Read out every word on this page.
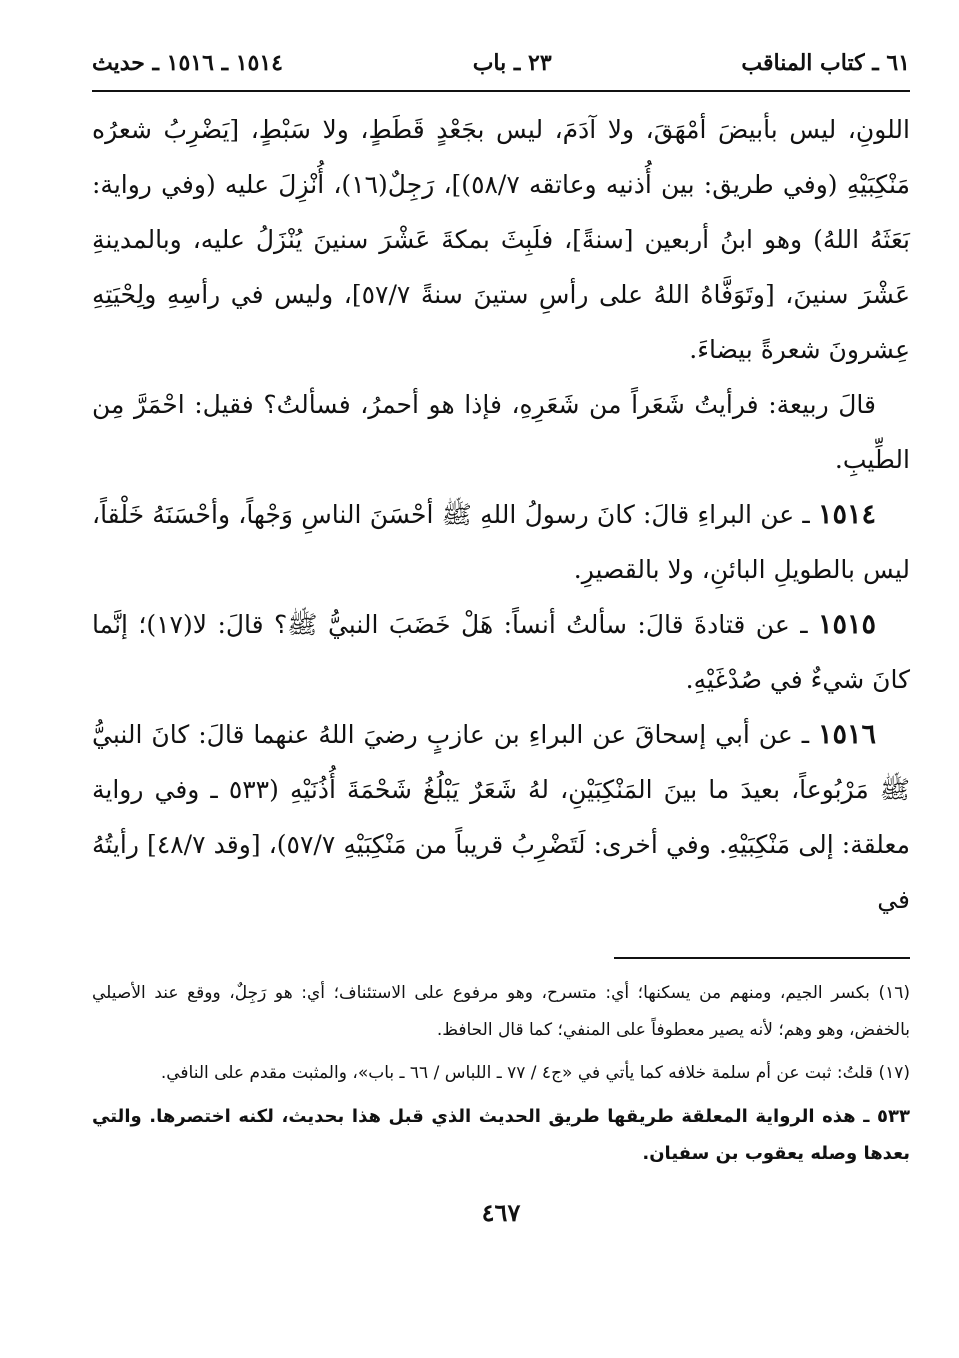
٦١ ـ كتاب المناقب
٢٣ ـ باب
١٥١٤ ـ ١٥١٦ ـ حديث

اللونِ، ليس بأبيضَ أمْهَقَ، ولا آدَمَ، ليس بجَعْدٍ قَطَطٍ، ولا سَبْطٍ، [يَضْرِبُ شعرُه مَنْكِبَيْهِ (وفي طريق: بين أُذنيه وعاتقه ٥٨/٧)]، رَجِلٌ(١٦)، أُنْزِلَ عليه (وفي رواية: بَعَثَهُ اللهُ) وهو ابنُ أربعين [سنةً]، فلَبِثَ بمكةَ عَشْرَ سنينَ يُنْزَلُ عليه، وبالمدينةِ عَشْرَ سنينَ، [وتَوَفَّاهُ اللهُ على رأسِ ستينَ سنةً ٥٧/٧]، وليس في رأسِهِ ولِحْيَتِهِ عِشرونَ شعرةً بيضاءَ.

قالَ ربيعة: فرأيتُ شَعَراً من شَعَرِهِ، فإذا هو أحمرُ، فسألتُ؟ فقيل: احْمَرَّ مِن الطِّيبِ.

١٥١٤ ـ عن البراءِ قالَ: كانَ رسولُ اللهِ ﷺ أحْسَنَ الناسِ وَجْهاً، وأحْسَنَهُ خَلْقاً، ليس بالطويلِ البائنِ، ولا بالقصيرِ.

١٥١٥ ـ عن قتادةَ قالَ: سألتُ أنساً: هَلْ خَضَبَ النبيُّ ﷺ؟ قالَ: لا(١٧)؛ إنَّما كانَ شيءٌ في صُدْغَيْهِ.

١٥١٦ ـ عن أبي إسحاقَ عن البراءِ بن عازبٍ رضيَ اللهُ عنهما قالَ: كانَ النبيُّ ﷺ مَرْبُوعاً، بعيدَ ما بينَ المَنْكِبَيْنِ، لهُ شَعَرٌ يَبْلُغُ شَحْمَةَ أُذُنَيْهِ (٥٣٣ ـ وفي رواية معلقة: إلى مَنْكِبَيْهِ. وفي أخرى: لَتَضْرِبُ قريباً من مَنْكِبَيْهِ ٥٧/٧)، [وقد ٤٨/٧] رأيتُهُ في

(١٦) بكسر الجيم، ومنهم من يسكنها؛ أي: متسرح، وهو مرفوع على الاستئناف؛ أي: هو رَجِلٌ، ووقع عند الأصيلي بالخفض، وهو وهم؛ لأنه يصير معطوفاً على المنفي؛ كما قال الحافظ.

(١٧) قلتُ: ثبت عن أم سلمة خلافه كما يأتي في «ج٤ / ٧٧ ـ اللباس / ٦٦ ـ باب»، والمثبت مقدم على النافي.

٥٣٣ ـ هذه الرواية المعلقة طريقها طريق الحديث الذي قبل هذا بحديث، لكنه اختصرها. والتي بعدها وصله يعقوب بن سفيان.

٤٦٧
